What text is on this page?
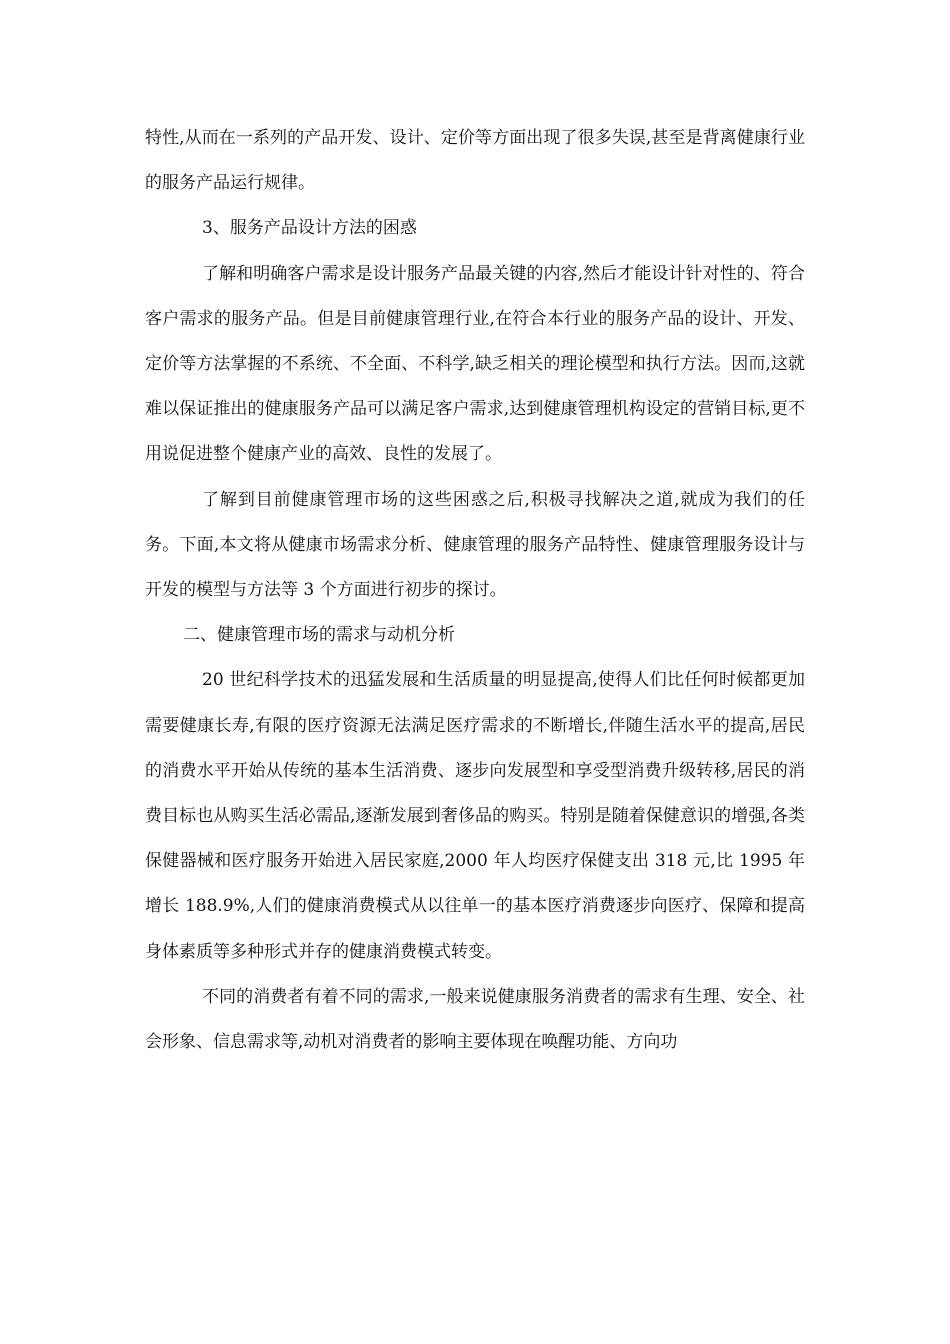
特性,从而在一系列的产品开发、设计、定价等方面出现了很多失误,甚至是背离健康行业的服务产品运行规律。

3、服务产品设计方法的困惑

了解和明确客户需求是设计服务产品最关键的内容,然后才能设计针对性的、符合客户需求的服务产品。但是目前健康管理行业,在符合本行业的服务产品的设计、开发、定价等方法掌握的不系统、不全面、不科学,缺乏相关的理论模型和执行方法。因而,这就难以保证推出的健康服务产品可以满足客户需求,达到健康管理机构设定的营销目标,更不用说促进整个健康产业的高效、良性的发展了。

了解到目前健康管理市场的这些困惑之后,积极寻找解决之道,就成为我们的任务。下面,本文将从健康市场需求分析、健康管理的服务产品特性、健康管理服务设计与开发的模型与方法等 3 个方面进行初步的探讨。

二、健康管理市场的需求与动机分析

20 世纪科学技术的迅猛发展和生活质量的明显提高,使得人们比任何时候都更加需要健康长寿,有限的医疗资源无法满足医疗需求的不断增长,伴随生活水平的提高,居民的消费水平开始从传统的基本生活消费、逐步向发展型和享受型消费升级转移,居民的消费目标也从购买生活必需品,逐渐发展到奢侈品的购买。特别是随着保健意识的增强,各类保健器械和医疗服务开始进入居民家庭,2000 年人均医疗保健支出 318 元,比 1995 年增长 188.9%,人们的健康消费模式从以往单一的基本医疗消费逐步向医疗、保障和提高身体素质等多种形式并存的健康消费模式转变。

不同的消费者有着不同的需求,一般来说健康服务消费者的需求有生理、安全、社会形象、信息需求等,动机对消费者的影响主要体现在唤醒功能、方向功
